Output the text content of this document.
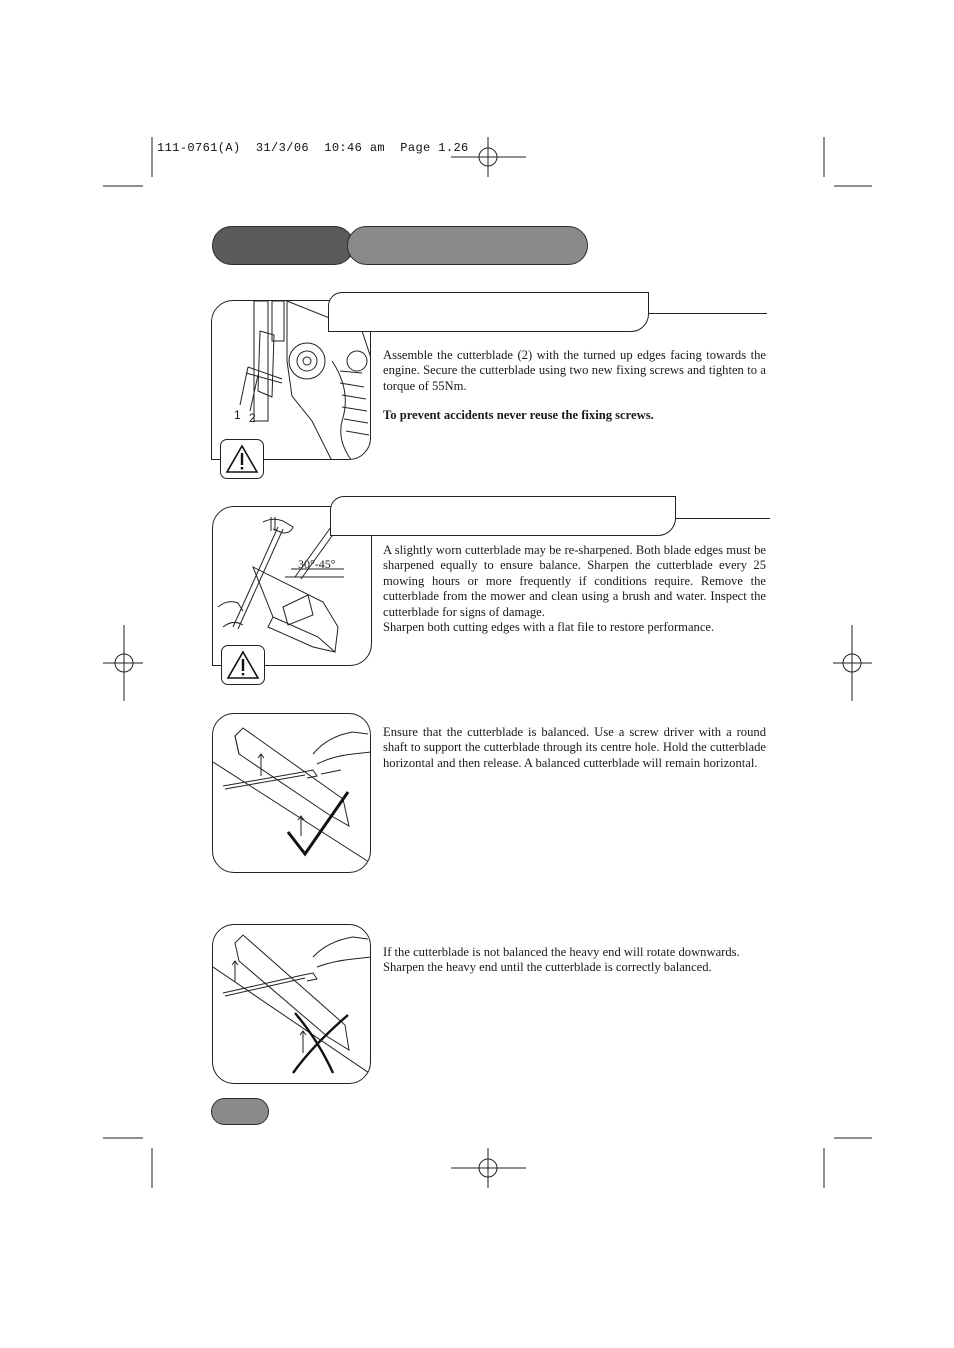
111-0761(A)  31/3/06  10:46 am  Page 1.26
1 2

Assemble the cutterblade (2) with the turned up edges facing towards the engine. Secure the cutterblade using two new fixing screws and tighten to a torque of 55Nm.

To prevent accidents never reuse the fixing screws.

30°-45°

A slightly worn cutterblade may be re-sharpened. Both blade edges must be sharpened equally to ensure balance. Sharpen the cutterblade every 25 mowing hours or more frequently if conditions require. Remove the cutterblade from the mower and clean using a brush and water. Inspect the cutterblade for signs of damage.

Sharpen both cutting edges with a flat file to restore performance.

Ensure that the cutterblade is balanced. Use a screw driver with a round shaft to support the cutterblade through its centre hole. Hold the cutterblade horizontal and then release. A balanced cutterblade will remain horizontal.

If the cutterblade is not balanced the heavy end will rotate downwards. Sharpen the heavy end until the cutterblade is correctly balanced.
